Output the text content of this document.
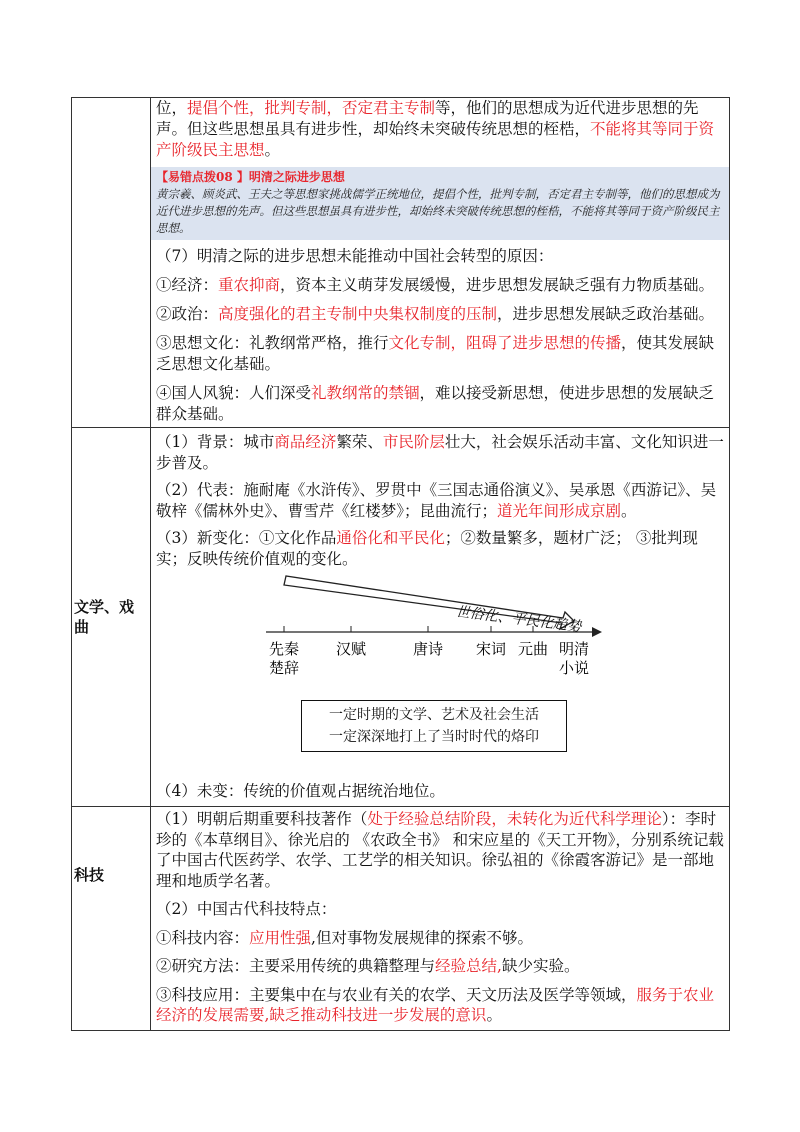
位，提倡个性，批判专制，否定君主专制等，他们的思想成为近代进步思想的先声。但这些思想虽具有进步性，却始终未突破传统思想的桎梏，不能将其等同于资产阶级民主思想。
【易错点拨08 】明清之际进步思想
黄宗羲、顾炎武、王夫之等思想家挑战儒学正统地位，提倡个性，批判专制，否定君主专制等，他们的思想成为近代进步思想的先声。但这些思想虽具有进步性，却始终未突破传统思想的桎梏，不能将其等同于资产阶级民主思想。
（7）明清之际的进步思想未能推动中国社会转型的原因：
①经济：重农抑商，资本主义萌芽发展缓慢，进步思想发展缺乏强有力物质基础。
②政治：高度强化的君主专制中央集权制度的压制，进步思想发展缺乏政治基础。
③思想文化：礼教纲常严格，推行文化专制，阻碍了进步思想的传播，使其发展缺乏思想文化基础。
④国人风貌：人们深受礼教纲常的禁锢，难以接受新思想，使进步思想的发展缺乏群众基础。
文学、戏曲
（1）背景：城市商品经济繁荣、市民阶层壮大，社会娱乐活动丰富、文化知识进一步普及。
（2）代表：施耐庵《水浒传》、罗贯中《三国志通俗演义》、吴承恩《西游记》、吴敬梓《儒林外史》、曹雪芹《红楼梦》；昆曲流行；道光年间形成京剧。
（3）新变化：①文化作品通俗化和平民化；②数量繁多，题材广泛； ③批判现实；反映传统价值观的变化。
世俗化、平民化趋势
先秦
楚辞
汉赋	唐诗 宋词 元曲 明清
小说
一定时期的文学、艺术及社会生活
一定深深地打上了当时时代的烙印
（4）未变：传统的价值观占据统治地位。
科技
（1）明朝后期重要科技著作（处于经验总结阶段，未转化为近代科学理论）：李时珍的《本草纲目》、徐光启的 《农政全书》 和宋应星的《天工开物》，分别系统记载了中国古代医药学、农学、工艺学的相关知识。徐弘祖的《徐霞客游记》是一部地理和地质学名著。
（2）中国古代科技特点：
①科技内容：应用性强,但对事物发展规律的探索不够。
②研究方法：主要采用传统的典籍整理与经验总结,缺少实验。
③科技应用：主要集中在与农业有关的农学、天文历法及医学等领域，服务于农业经济的发展需要,缺乏推动科技进一步发展的意识。
